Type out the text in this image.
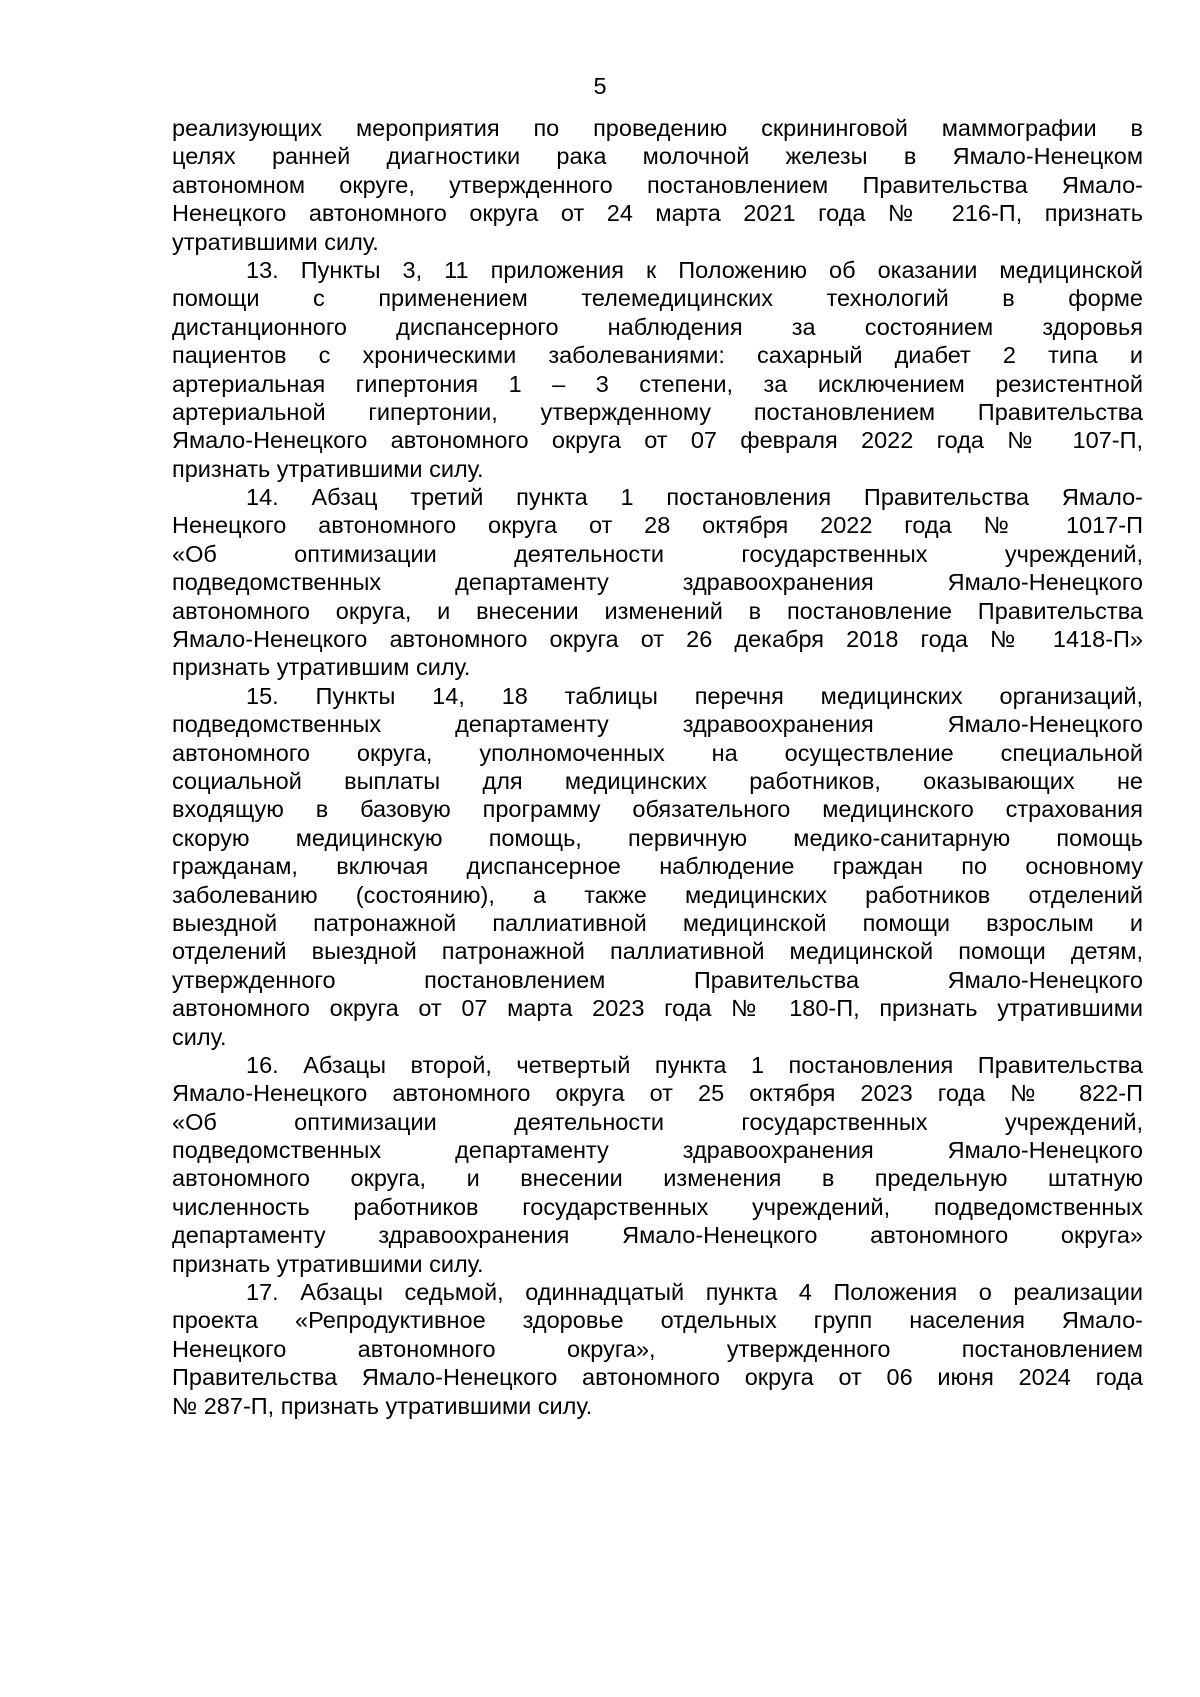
5
реализующих мероприятия по проведению скрининговой маммографии в
целях ранней диагностики рака молочной железы в Ямало-Ненецком
автономном округе, утвержденного постановлением Правительства Ямало-
Ненецкого автономного округа от 24 марта 2021 года № 216-П, признать
утратившими силу.
13. Пункты 3, 11 приложения к Положению об оказании медицинской
помощи с применением телемедицинских технологий в форме
дистанционного диспансерного наблюдения за состоянием здоровья
пациентов с хроническими заболеваниями: сахарный диабет 2 типа и
артериальная гипертония 1 – 3 степени, за исключением резистентной
артериальной гипертонии, утвержденному постановлением Правительства
Ямало-Ненецкого автономного округа от 07 февраля 2022 года № 107-П,
признать утратившими силу.
14. Абзац третий пункта 1 постановления Правительства Ямало-
Ненецкого автономного округа от 28 октября 2022 года № 1017-П
«Об оптимизации деятельности государственных учреждений,
подведомственных департаменту здравоохранения Ямало-Ненецкого
автономного округа, и внесении изменений в постановление Правительства
Ямало-Ненецкого автономного округа от 26 декабря 2018 года № 1418-П»
признать утратившим силу.
15. Пункты 14, 18 таблицы перечня медицинских организаций,
подведомственных департаменту здравоохранения Ямало-Ненецкого
автономного округа, уполномоченных на осуществление специальной
социальной выплаты для медицинских работников, оказывающих не
входящую в базовую программу обязательного медицинского страхования
скорую медицинскую помощь, первичную медико-санитарную помощь
гражданам, включая диспансерное наблюдение граждан по основному
заболеванию (состоянию), а также медицинских работников отделений
выездной патронажной паллиативной медицинской помощи взрослым и
отделений выездной патронажной паллиативной медицинской помощи детям,
утвержденного постановлением Правительства Ямало-Ненецкого
автономного округа от 07 марта 2023 года № 180-П, признать утратившими
силу.
16. Абзацы второй, четвертый пункта 1 постановления Правительства
Ямало-Ненецкого автономного округа от 25 октября 2023 года № 822-П
«Об оптимизации деятельности государственных учреждений,
подведомственных департаменту здравоохранения Ямало-Ненецкого
автономного округа, и внесении изменения в предельную штатную
численность работников государственных учреждений, подведомственных
департаменту здравоохранения Ямало-Ненецкого автономного округа»
признать утратившими силу.
17. Абзацы седьмой, одиннадцатый пункта 4 Положения о реализации
проекта «Репродуктивное здоровье отдельных групп населения Ямало-
Ненецкого автономного округа», утвержденного постановлением
Правительства Ямало-Ненецкого автономного округа от 06 июня 2024 года
№ 287-П, признать утратившими силу.
